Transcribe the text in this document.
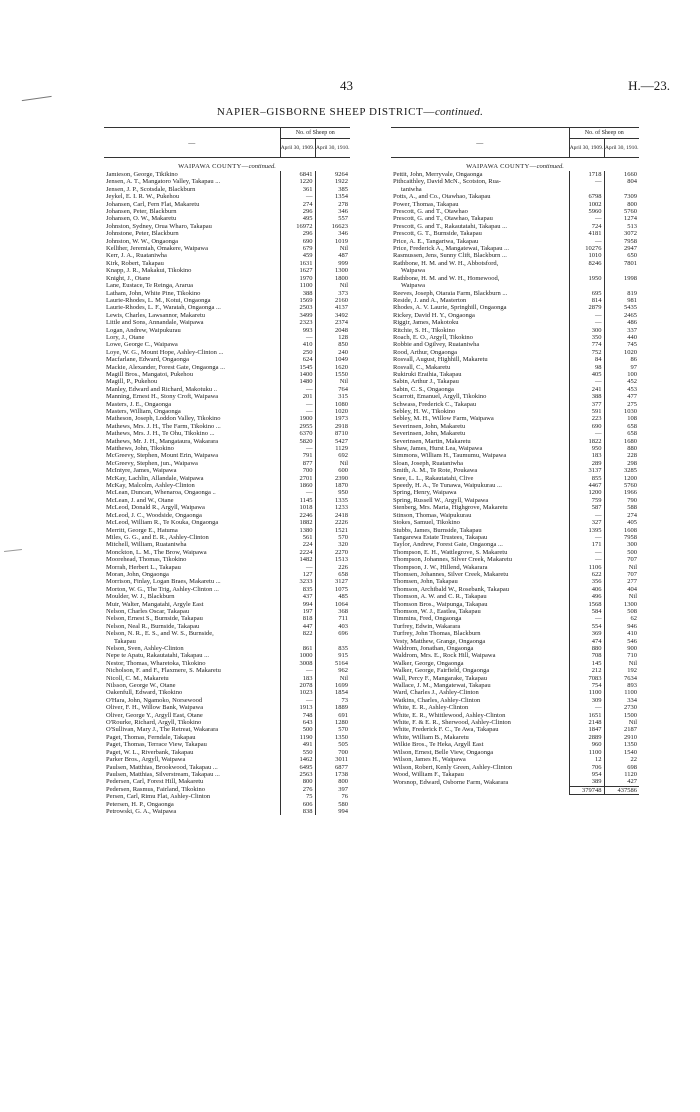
43	H.—23.
NAPIER–GISBORNE SHEEP DISTRICT—continued.
—	No. of Sheep on	
	April 30, 1909.	April 30, 1910.
WAIPAWA COUNTY—continued.		
Jamieson, George, Tikikino	6841	9264
Jensen, A. T., Mangatoro Valley, Takapau ...	1220	1922
Jensen, J. P., Scotsdale, Blackburn	361	385
Jeykel, E. I. R. W., Pukehou	—	1354
Johansen, Carl, Fern Flat, Makaretu	274	278
Johansen, Peter, Blackburn	296	346
Johansen, O. W., Makaretu	495	557
Johnston, Sydney, Orua Wharo, Takapau	16972	16623
Johnstone, Peter, Blackburn	296	346
Johnston, W. W., Ongaonga	690	1019
Kelliher, Jeremiah, Omakere, Waipawa	679	Nil
Kerr, J. A., Ruataniwha	459	487
Kirk, Robert, Takapau	1631	999
Knapp, J. R., Makakui, Tikokino	1627	1300
Knight, J., Otane	1970	1800
Lane, Eustace, Te Reinga, Ararua	1100	Nil
Latham, John, White Pine, Tikokino	388	373
Laurie-Rhodes, L. M., Kotui, Ongaonga	1569	2160
Laurie-Rhodes, L. F., Waratah, Ongaonga ...	2503	4137
Lewis, Charles, Lawsannor, Makaretu	3499	3492
Little and Sons, Annandale, Waipawa	2323	2374
Logan, Andrew, Waipukurau	993	2048
Lory, J., Otane	—	128
Lowe, George C., Waipawa	410	850
Loye, W. G., Mount Hope, Ashley-Clinton ...	250	240
Macfarlane, Edward, Ongaonga	624	1049
Mackie, Alexander, Forest Gate, Ongaonga ...	1545	1620
Magill Bros., Mangatoi, Pukehou	1400	1550
Magill, P., Pukehou	1480	Nil
Manley, Edward and Richard, Makotuku ..	—	764
Manning, Ernest H., Stony Croft, Waipawa	201	315
Masters, J. E., Ongaonga	—	1080
Masters, William, Ongaonga	—	1020
Matheson, Joseph, Loddon Valley, Tikokino	1900	1973
Mathews, Mrs. J. H., The Farm, Tikokino ...	2955	2918
Mathews, Mrs. J. H., Te Ohu, Tikokino ...	6370	8710
Mathews, Mr. J. H., Mangataura, Wakarara	5820	5427
Matthews, John, Tikokino	—	1129
McGreevy, Stephen, Mount Erin, Waipawa	791	692
McGreevy, Stephen, jun., Waipawa	877	Nil
McIntyre, James, Waipawa	700	600
McKay, Lachlin, Allandale, Waipawa	2701	2390
McKay, Malcolm, Ashley-Clinton	1860	1870
McLean, Duncan, Whenaroa, Ongaonga ..	—	950
McLean, J. and W., Otane	1145	1335
McLeod, Donald R., Argyll, Waipawa	1018	1233
McLeod, J. C., Woodside, Ongaonga	2246	2418
McLeod, William R., Te Kouka, Ongaonga	1882	2226
Merritt, George E., Hatuma	1380	1521
Miles, G. G., and E. R., Ashley-Clinton	561	570
Mitchell, William, Ruataniwha	224	320
Monckton, L. M., The Brow, Waipawa	2224	2270
Moorehead, Thomas, Tikokino	1482	1513
Morrah, Herbert L., Takapau	—	226
Moran, John, Ongaonga	127	658
Morrison, Finlay, Logan Braes, Makaretu ...	3233	3127
Morton, W. G., The Trig, Ashley-Clinton ...	835	1075
Moulder, W. J., Blackburn	437	485
Muir, Walter, Mangatahi, Argyle East	994	1064
Nelson, Charles Oscar, Takapau	197	368
Nelson, Ernest S., Burnside, Takapau	818	711
Nelson, Neal R., Burnside, Takapau	447	403
Nelson, N. R., E. S., and W. S., Burnside,	822	696
Takapau		
Nelson, Sven, Ashley-Clinton	861	835
Nepe te Apatu, Rakautatahi, Takapau ...	1000	915
Nestor, Thomas, Wharetoka, Tikokino	3008	5164
Nicholson, F. and F., Flaxmere, S. Makaretu	—	962
Nicoll, C. M., Makaretu	183	Nil
Nilsson, George W., Otane	2078	1699
Oakenfull, Edward, Tikokino	1023	1854
O'Hara, John, Ngamoko, Norsewood	—	73
Oliver, F. H., Willow Bank, Waipawa	1913	1889
Oliver, George Y., Argyll East, Otane	748	691
O'Rourke, Richard, Argyll, Tikokino	643	1280
O'Sullivan, Mary J., The Retreat, Wakarara	500	570
Paget, Thomas, Ferndale, Takapau	1190	1350
Paget, Thomas, Terrace View, Takapau	491	505
Paget, W. L., Riverbank, Takapau	550	700
Parker Bros., Argyll, Waipawa	1462	3011
Paulsen, Matthias, Brookwood, Takapau ...	6495	6877
Paulsen, Matthias, Silverstream, Takapau ...	2563	1738
Pedersen, Carl, Forest Hill, Makaretu	800	800
Pedersen, Rasmus, Fairland, Tikokino	276	397
Persen, Carl, Rimu Flat, Ashley-Clinton	75	76
Petersen, H. P., Ongaonga	606	580
Petrowski, G. A., Waipawa	838	994
—	No. of Sheep on	
	April 30, 1909.	April 30, 1910.
WAIPAWA COUNTY—continued.		
Pettit, John, Merryvale, Ongaonga	1718	1660
Pithcaithley, David McN., Scotston, Rua-	—	804
taniwha		
Potts, A., and Co., Otawhao, Takapau	6798	7309
Power, Thomas, Takapau	1002	800
Prescott, G. and T., Otawhao	5960	5760
Prescott, G. and T., Otawhao, Takapau	—	1274
Prescott, G. and T., Rakautatahi, Takapau ...	724	513
Prescott, G. T., Burnside, Takapau	4181	3072
Price, A. E., Tangariwa, Takapau	—	7958
Price, Frederick A., Mangatewai, Takapau ...	10276	2947
Rasmussen, Jens, Sunny Clift, Blackburn ...	1010	650
Rathbone, H. M. and W. H., Abbotsford,	8246	7801
Waipawa		
Rathbone, H. M. and W. H., Homewood,	1950	1998
Waipawa		
Reeves, Joseph, Otaraia Farm, Blackburn ...	695	819
Reside, J. and A., Masterton	814	981
Rhodes, A. V. Laurie, Springhill, Ongaonga	2879	5435
Rickey, David H. Y., Ongaonga	—	2465
Riggir, James, Makotoku	—	486
Ritchie, S. H., Tikokino	300	337
Roach, E. O., Argyll, Tikokino	350	440
Robbie and Ogilvey, Ruataniwha	774	745
Rood, Arthur, Ongaonga	752	1020
Rosvall, August, Highhill, Makaretu	84	86
Rosvall, C., Makaretu	98	97
Rukiruki Eraihia, Takapau	405	100
Sabin, Arthur J., Takapau	—	452
Sabin, C. S., Ongaonga	241	453
Scarrott, Emanuel, Argyll, Tikokino	388	477
Schwass, Frederick C., Takapau	377	275
Sebley, H. W., Tikokino	591	1030
Sebley, M. H., Willow Farm, Waipawa	223	108
Severinsen, John, Makaretu	690	658
Severinsen, John, Makaretu	—	658
Severinsen, Martin, Makaretu	1822	1680
Shaw, James, Hurst Lea, Waipawa	950	880
Simmons, William H., Taumumu, Waipawa	183	228
Sloan, Joseph, Ruataniwha	289	298
Smith, A. M., Te Rote, Poukawa	3137	3285
Snee, L. L., Rakautatahi, Clive	855	1200
Speedy, H. A., Te Tunawa, Waipukurau ...	4467	5760
Spring, Henry, Waipawa	1200	1966
Spring, Russell W., Argyll, Waipawa	759	790
Stenberg, Mrs. Maria, Highgrove, Makaretu	587	588
Stinson, Thomas, Waipukurau	—	274
Stokes, Samuel, Tikokino	327	405
Stubbs, James, Burnside, Takapau	1395	1608
Tangarewa Estate Trustees, Takapau	—	7958
Taylor, Andrew, Forest Gate, Ongaonga ...	171	300
Thompson, E. H., Wattlegrove, S. Makaretu	—	500
Thompson, Johannes, Silver Creek, Makaretu	—	707
Thompson, J. W., Hillend, Wakarara	1106	Nil
Thomsen, Johannes, Silver Creek, Makaretu	622	707
Thomsen, John, Takapau	356	277
Thomson, Archibald W., Rosebank, Takapau	406	404
Thomson, A. W. and C. R., Takapau	496	Nil
Thomson Bros., Waipunga, Takapau	1568	1300
Thomson, W. J., Eastlea, Takapau	584	508
Timmins, Fred, Ongaonga	—	62
Turfrey, Edwin, Wakarara	554	946
Turfrey, John Thomas, Blackburn	369	410
Vesty, Matthew, Grange, Ongaonga	474	546
Waldrom, Jonathan, Ongaonga	880	900
Waldrom, Mrs. E., Rock Hill, Waipawa	708	710
Walker, George, Ongaonga	145	Nil
Walker, George, Fairfield, Ongaonga	212	192
Wall, Percy F., Mangarake, Takapau	7083	7634
Wallace, J. M., Mangatewai, Takapau	754	893
Ward, Charles J., Ashley-Clinton	1100	1100
Watkins, Charles, Ashley-Clinton	309	334
White, E. R., Ashley-Clinton	—	2730
White, E. R., Whittlewood, Ashley-Clinton	1651	1500
White, F. & E. R., Sherwood, Ashley-Clinton	2148	Nil
White, Frederick F. C., Te Awa, Takapau	1847	2187
White, William B., Makaretu	2889	2910
Wilkie Bros., Te Heka, Argyll East	960	1350
Wilson, Ernest, Belle View, Ongaonga	1100	1540
Wilson, James H., Waipawa	12	22
Wilson, Robert, Kenly Green, Ashley-Clinton	706	698
Wood, William F., Takapau	954	1120
Worsnop, Edward, Osborne Farm, Wakarara	389	427
	379748	437586
